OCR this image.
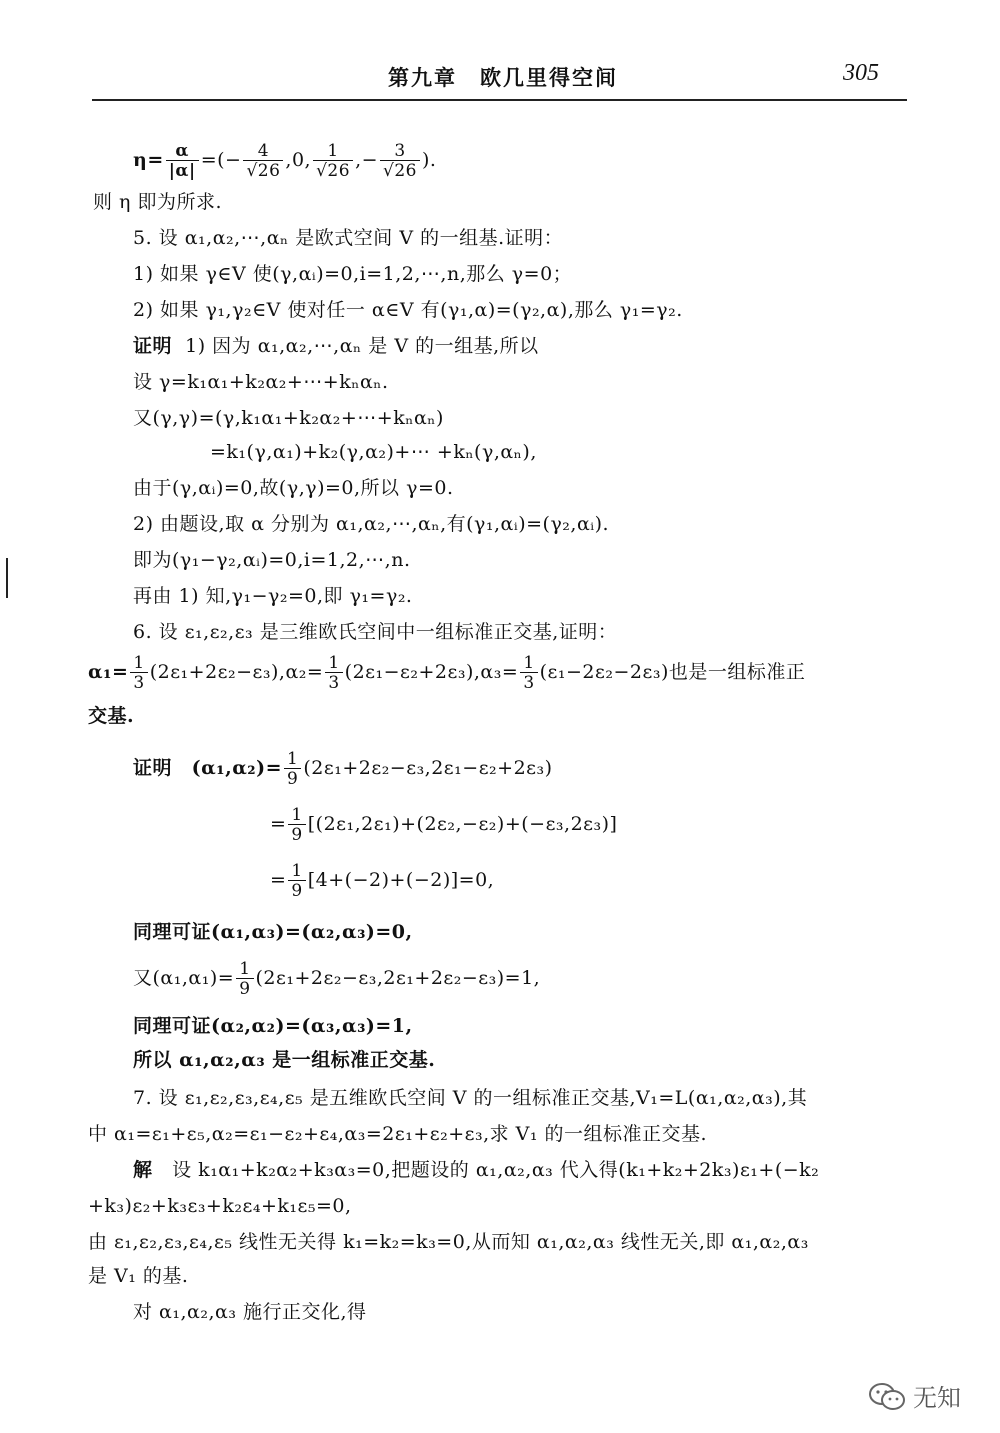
第九章　欧几里得空间	305
$\eta= \frac{\alpha}{|\alpha|}$ =(− $\frac{4}{√26} ,0$, $\frac{1}{√26}$ ,− $\frac{3}{√26}$ ).
则 η 即为所求.
5. 设 α₁,α₂,⋯,αₙ 是欧式空间 V 的一组基.证明：
1) 如果 γ∈V 使(γ,αᵢ)=0,i=1,2,⋯,n,那么 γ=0；
2) 如果 γ₁,γ₂∈V 使对任一 α∈V 有(γ₁,α)=(γ₂,α),那么 γ₁=γ₂.
证明 1) 因为 α₁,α₂,⋯,αₙ 是 V 的一组基,所以
设 γ=k₁α₁+k₂α₂+⋯+kₙαₙ.
又(γ,γ)=(γ,k₁α₁+k₂α₂+⋯+kₙαₙ)
=k₁(γ,α₁)+k₂(γ,α₂)+⋯ +kₙ(γ,αₙ),
由于(γ,αᵢ)=0,故(γ,γ)=0,所以 γ=0.
2) 由题设,取 α 分别为 α₁,α₂,⋯,αₙ,有(γ₁,αᵢ)=(γ₂,αᵢ).
即为(γ₁−γ₂,αᵢ)=0,i=1,2,⋯,n.
再由 1) 知,γ₁−γ₂=0,即 γ₁=γ₂.
6. 设 ε₁,ε₂,ε₃ 是三维欧氏空间中一组标准正交基,证明：
$\alpha_1= \frac{1}{3} (2\varepsilon_1+2\varepsilon_2-\varepsilon_3),\alpha_2= \frac{1}{3} (2\varepsilon_1-\varepsilon_2+2\varepsilon_3),\alpha_3= \frac{1}{3} (\varepsilon_1-2\varepsilon_2-2\varepsilon_3)$也是一组标准正
交基.
证明 $(\alpha_1,\alpha_2)= \frac{1}{9} (2\varepsilon_1+2\varepsilon_2-\varepsilon_3,2\varepsilon_1-\varepsilon_2+2\varepsilon_3)$
= $\frac{1}{9} [(2\varepsilon_1,2\varepsilon_1)+(2\varepsilon_2,-\varepsilon_2)+(-\varepsilon_3,2\varepsilon_3)]$
= $\frac{1}{9} [4+(-2)+(-2)]=0$,
同理可证(α₁,α₃)=(α₂,α₃)=0,
又$(\alpha_1,\alpha_1)= \frac{1}{9} (2\varepsilon_1+2\varepsilon_2-\varepsilon_3,2\varepsilon_1+2\varepsilon_2-\varepsilon_3)=1$,
同理可证(α₂,α₂)=(α₃,α₃)=1,
所以 α₁,α₂,α₃ 是一组标准正交基.
7. 设 ε₁,ε₂,ε₃,ε₄,ε₅ 是五维欧氏空间 V 的一组标准正交基,V₁=L(α₁,α₂,α₃),其
中 α₁=ε₁+ε₅,α₂=ε₁−ε₂+ε₄,α₃=2ε₁+ε₂+ε₃,求 V₁ 的一组标准正交基.
解 设 k₁α₁+k₂α₂+k₃α₃=0,把题设的 α₁,α₂,α₃ 代入得(k₁+k₂+2k₃)ε₁+(−k₂
+k₃)ε₂+k₃ε₃+k₂ε₄+k₁ε₅=0,
由 ε₁,ε₂,ε₃,ε₄,ε₅ 线性无关得 k₁=k₂=k₃=0,从而知 α₁,α₂,α₃ 线性无关,即 α₁,α₂,α₃
是 V₁ 的基.
对 α₁,α₂,α₃ 施行正交化,得
无知
